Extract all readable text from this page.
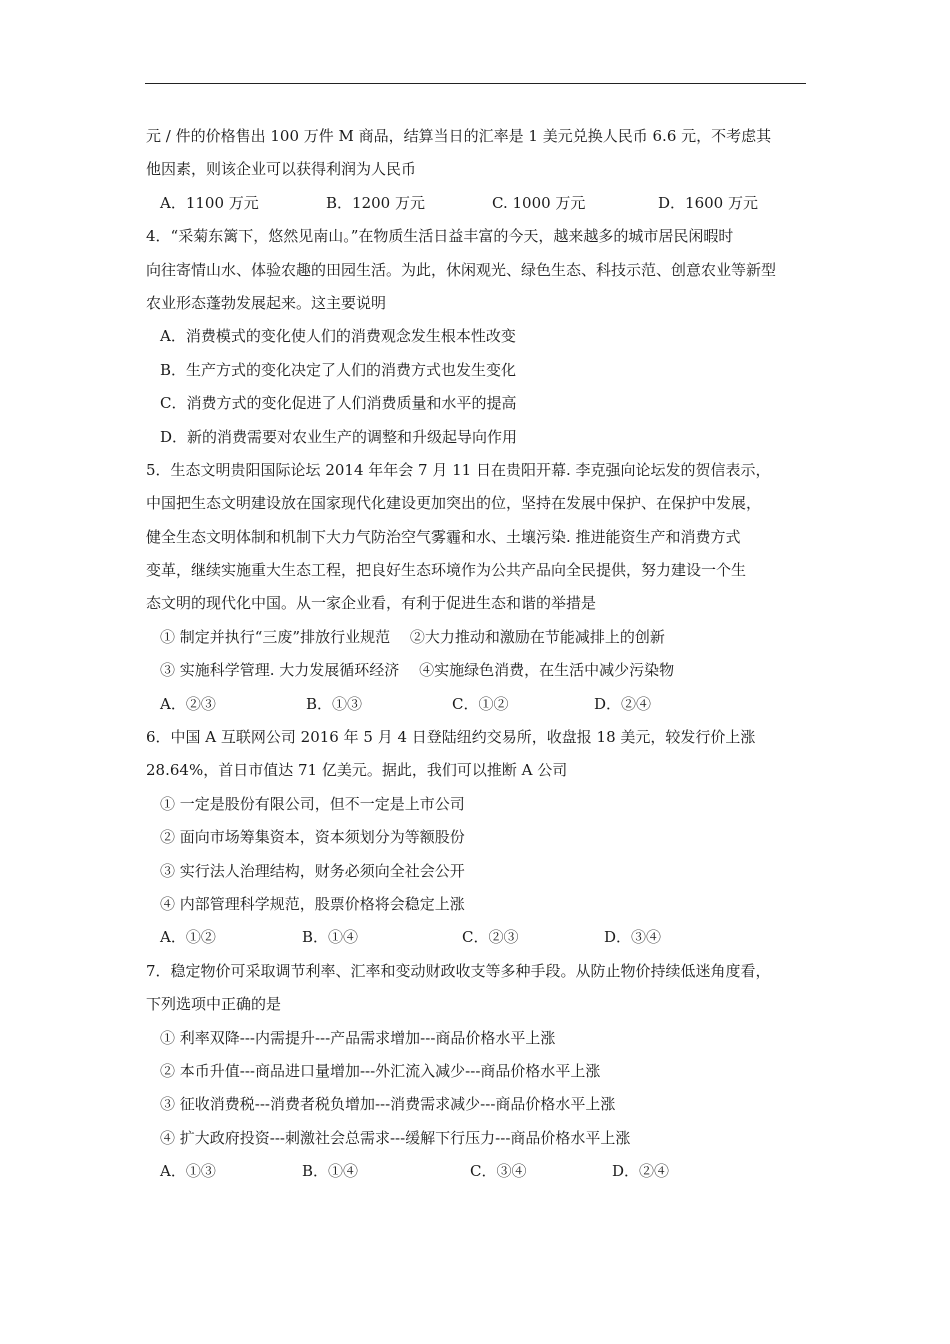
元 / 件的价格售出 100 万件 M 商品，结算当日的汇率是 1 美元兑换人民币 6.6 元，不考虑其
他因素，则该企业可以获得利润为人民币
A．1100 万元	B．1200 万元	C. 1000 万元	D．1600 万元
4．“采菊东篱下，悠然见南山。”在物质生活日益丰富的今天，越来越多的城市居民闲暇时
向往寄情山水、体验农趣的田园生活。为此，休闲观光、绿色生态、科技示范、创意农业等新型
农业形态蓬勃发展起来。这主要说明
A．消费模式的变化使人们的消费观念发生根本性改变
B．生产方式的变化决定了人们的消费方式也发生变化
C．消费方式的变化促进了人们消费质量和水平的提高
D．新的消费需要对农业生产的调整和升级起导向作用
5．生态文明贵阳国际论坛 2014 年年会 7 月 11 日在贵阳开幕. 李克强向论坛发的贺信表示，
中国把生态文明建设放在国家现代化建设更加突出的位，坚持在发展中保护、在保护中发展，
健全生态文明体制和机制下大力气防治空气雾霾和水、土壤污染. 推进能资生产和消费方式
变革，继续实施重大生态工程，把良好生态环境作为公共产品向全民提供，努力建设一个生
态文明的现代化中国。从一家企业看，有利于促进生态和谐的举措是
① 制定并执行“三废”排放行业规范　 ②大力推动和激励在节能减排上的创新
③ 实施科学管理. 大力发展循环经济　 ④实施绿色消费，在生活中减少污染物
A．②③	B．①③	C．①②	D．②④
6．中国 A 互联网公司 2016 年 5 月 4 日登陆纽约交易所，收盘报 18 美元，较发行价上涨
28.64%，首日市值达 71 亿美元。据此，我们可以推断 A 公司
① 一定是股份有限公司，但不一定是上市公司
② 面向市场筹集资本，资本须划分为等额股份
③ 实行法人治理结构，财务必须向全社会公开
④ 内部管理科学规范，股票价格将会稳定上涨
A．①②	B．①④	C．②③	D．③④
7．稳定物价可采取调节利率、汇率和变动财政收支等多种手段。从防止物价持续低迷角度看，
下列选项中正确的是
① 利率双降---内需提升---产品需求增加---商品价格水平上涨
② 本币升值---商品进口量增加---外汇流入减少---商品价格水平上涨
③ 征收消费税---消费者税负增加---消费需求减少---商品价格水平上涨
④ 扩大政府投资---刺激社会总需求---缓解下行压力---商品价格水平上涨
A．①③	B．①④	C．③④	D．②④
